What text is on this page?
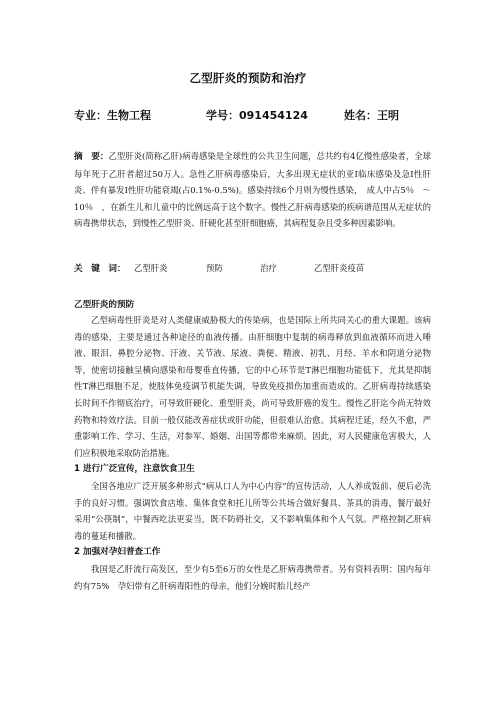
乙型肝炎的预防和治疗
专业：生物工程	学号：091454124	姓名：王明
摘　要：乙型肝炎(简称乙肝)病毒感染是全球性的公共卫生问题，总共约有4亿慢性感染者，全球每年死于乙肝者超过50万人。急性乙肝病毒感染后，大多出现无症状的亚I临床感染及急I性肝炎、伴有暴发I性肝功能衰竭(占0.1%-0.5%)。感染持续6个月则为慢性感染，　成人中占5％　～10％　，在新生儿和儿童中的比例远高于这个数字。慢性乙肝病毒感染的疾病谱范围从无症状的病毒携带状态，到慢性乙型肝炎、肝硬化甚至肝细胞癌，其病程复杂且受多种因素影响。
关　键　词： 乙型肝炎	预防	治疗	乙型肝炎疫苗
乙型肝炎的预防

乙型病毒性肝炎是对人类健康威胁极大的传染病，也是国际上所共同关心的重大课题。该病毒的感染，主要是通过各种途径的血液传播。由肝细胞中复制的病毒释放到血液循环而进入唾液、眼泪、鼻腔分泌物、汗液、关节液、尿液、粪便、精液、初乳、月经、羊水和阴道分泌物等，使密切接触呈横向感染和母婴垂直传播，它的中心环节是T淋巴细胞功能低下，尤其是抑制性T淋巴细胞不足，使肢体免疫调节机能失调，导致免疫损伤加重而造成的。乙肝病毒持续感染长时间不作彻底治疗，可导致肝硬化、重型肝炎，尚可导致肝癌的发生。慢性乙肝迄今尚无特效药物和特效疗法。目前一般仅能改善症状或肝功能，但很难认治愈。其病程迁延，经久不愈，严重影响工作、学习、生活，对参军、婚姻、出国等都带来麻烦。因此，对人民健康危害极大，人们应积极地采取防治措施。

1 进行广泛宣传，注意饮食卫生

全国各地应广泛开展多种形式“病从口人为中心内容”的宣传活动，人人养成饭前、便后必洗手的良好习惯。强调饮食店堆、集体食堂和托儿所等公共场合做好餐具、茶具的消毒，餐厅最好采用“公筷制”，中餐西吃法更妥当，既不防碍社交，又不影响集体和个人气氛。严格控制乙肝病毒的蔓延和播散。

2 加强对孕妇普查工作

我国是乙肝流行高发区，至少有5至6万的女性是乙肝病毒携带者。另有资料表明：国内每年约有75%　孕妇带有乙肝病毒阳性的母亲，他们分娩时胎儿经产
